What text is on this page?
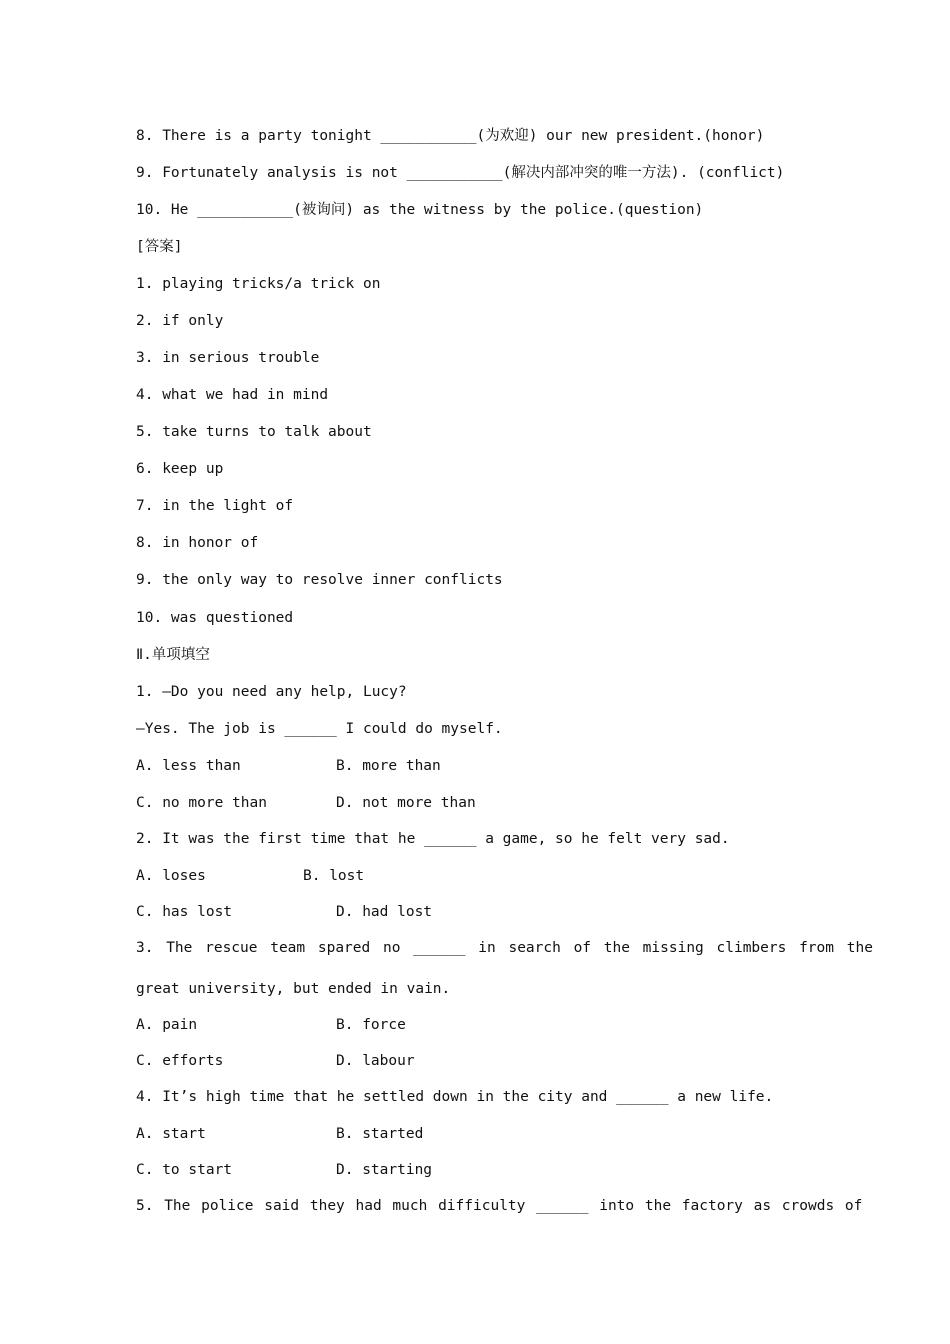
8. There is a party tonight ___________(为欢迎) our new president.(honor)
9. Fortunately analysis is not ___________(解决内部冲突的唯一方法). (conflict)
10. He ___________(被询问) as the witness by the police.(question)
[答案]
1. playing tricks/a trick on
2. if only
3. in serious trouble
4. what we had in mind
5. take turns to talk about
6. keep up
7. in the light of
8. in honor of
9. the only way to resolve inner conflicts
10. was questioned
Ⅱ.单项填空
1. —Do you need any help, Lucy?
—Yes. The job is ______ I could do myself.
A. less than	B. more than
C. no more than	D. not more than
2. It was the first time that he ______ a game, so he felt very sad.
A. loses	B. lost
C. has lost	D. had lost
3. The rescue team spared no ______ in search of the missing climbers from the
great university, but ended in vain.
A. pain	B. force
C. efforts	D. labour
4. It’s high time that he settled down in the city and ______ a new life.
A. start	B. started
C. to start	D. starting
5. The police said they had much difficulty ______ into the factory as crowds of
